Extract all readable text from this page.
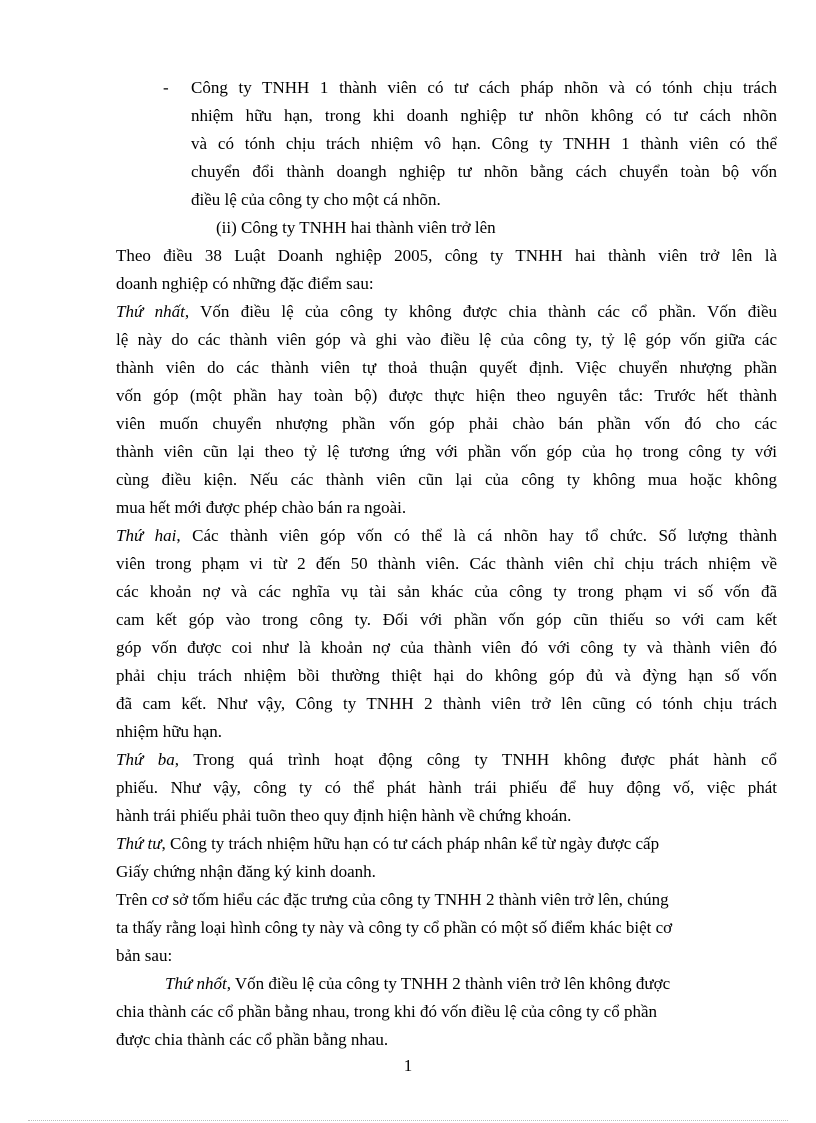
- Công ty TNHH 1 thành viên có tư cách pháp nhõn và có tónh chịu trách

nhiệm hữu hạn, trong khi doanh nghiệp tư nhõn không có tư cách nhõn

và có tónh chịu trách nhiệm vô hạn. Công ty TNHH 1 thành viên có thể

chuyển đổi thành doangh nghiệp tư nhõn bằng cách chuyển toàn bộ vốn

điều lệ của công ty cho một cá nhõn.

(ii) Công ty TNHH hai thành viên trở lên

Theo điều 38 Luật Doanh nghiệp 2005, công ty TNHH hai thành viên trở lên là

doanh nghiệp có những đặc điểm sau:

Thứ nhất, Vốn điều lệ của công ty không được chia thành các cổ phần. Vốn điều

lệ này do các thành viên góp và ghi vào điều lệ của công ty, tỷ lệ góp vốn giữa các

thành viên do các thành viên tự thoả thuận quyết định. Việc chuyển nhượng phần

vốn góp (một phần hay toàn bộ) được thực hiện theo nguyên tắc: Trước hết thành

viên muốn chuyển nhượng phần vốn góp phải chào bán phần vốn đó cho các

thành viên cũn lại theo tỷ lệ tương ứng với phần vốn góp của họ trong công ty với

cùng điều kiện. Nếu các thành viên cũn lại của công ty không mua hoặc không

mua hết mới được phép chào bán ra ngoài.

Thứ hai, Các thành viên góp vốn có thể là cá nhõn hay tổ chức. Số lượng thành

viên trong phạm vi từ 2 đến 50 thành viên. Các thành viên chỉ chịu trách nhiệm về

các khoản nợ và các nghĩa vụ tài sản khác của công ty trong phạm vi số vốn đã

cam kết góp vào trong công ty. Đối với phần vốn góp cũn thiếu so với cam kết

góp vốn được coi như là khoản nợ của thành viên đó với công ty và thành viên đó

phải chịu trách nhiệm bồi thường thiệt hại do không góp đủ và đỳng hạn số vốn

đã cam kết. Như vậy, Công ty TNHH 2 thành viên trở lên cũng có tónh chịu trách

nhiệm hữu hạn.

Thứ ba, Trong quá trình hoạt động công ty TNHH không được phát hành cổ

phiếu. Như vậy, công ty có thể phát hành trái phiếu để huy động vố, việc phát

hành trái phiếu phải tuõn theo quy định hiện hành về chứng khoán.

Thứ tư, Công ty trách nhiệm hữu hạn có tư cách pháp nhân kể từ ngày được cấp

Giấy chứng nhận đăng ký kinh doanh.

Trên cơ sở tốm hiểu các đặc trưng của công ty TNHH 2 thành viên trở lên, chúng

ta thấy rằng loại hình công ty này và công ty cổ phần có một số điểm khác biệt cơ

bản sau:

Thứ nhốt, Vốn điều lệ của công ty TNHH 2 thành viên trở lên không được

chia thành các cổ phần bằng nhau, trong khi đó vốn điều lệ của công ty cổ phần

được chia thành các cổ phần bằng nhau.

1
